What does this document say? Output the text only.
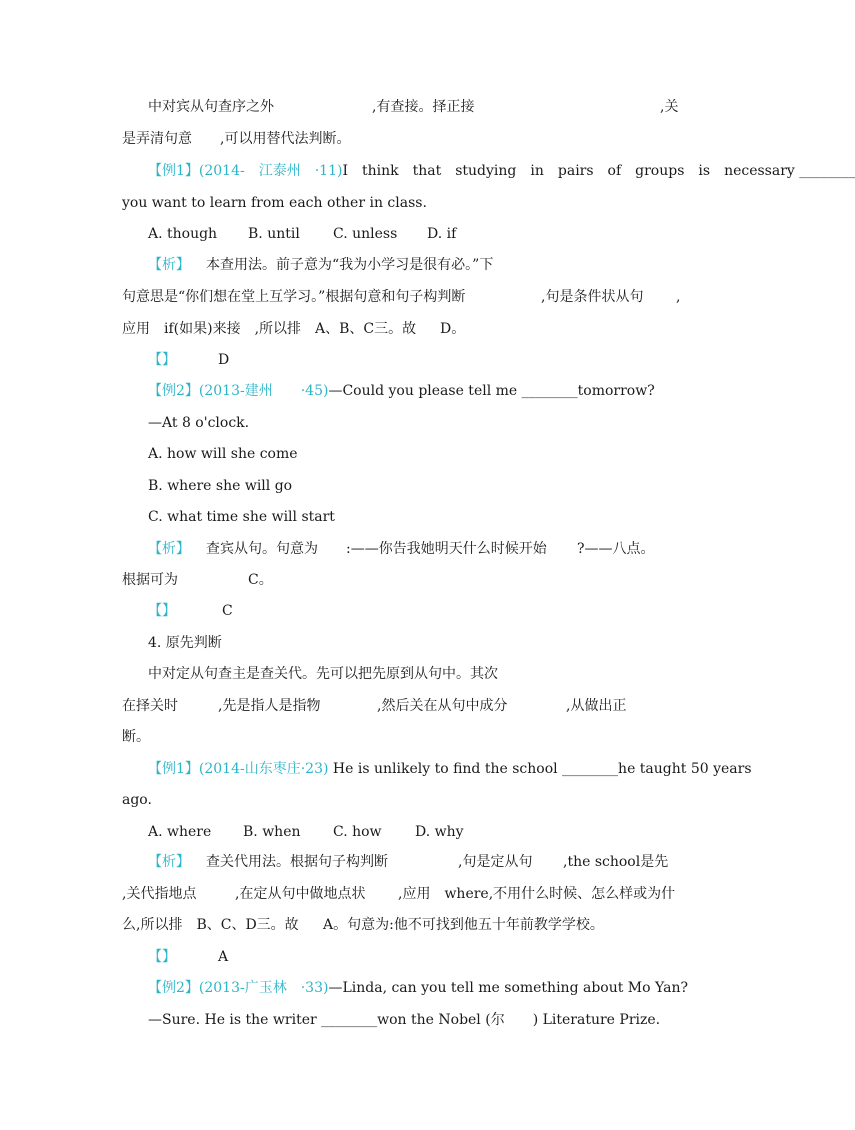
中对宾从句查序之外	,有查接。择正接	,关
是弄清句意　　,可以用替代法判断。
【例1】(2014-　江泰州　·11)I　think　that　studying　in　pairs　of　groups　is　necessary ________
you want to learn from each other in class.
A. though B. until C. unless D. if
【析】 本查用法。前子意为“我为小学习是很有必。”下
句意思是“你们想在堂上互学习。”根据句意和句子构判断	,句是条件状从句 ,
应用　if(如果)来接　,所以排　A、B、C三。故 D。
【】	D
【例2】(2013-建州　　·45)—Could you please tell me ________tomorrow?
—At 8 o'clock.
A. how will she come
B. where she will go
C. what time she will start
【析】 查宾从句。句意为 :——你告我她明天什么时候开始 ?——八点。
根据可为	C。
【】	C
4. 原先判断
中对定从句查主是查关代。先可以把先原到从句中。其次
在择关时	,先是指人是指物	,然后关在从句中成分	,从做出正
断。
【例1】(2014-山东枣庄·23) He is unlikely to find the school ________he taught 50 years
ago.
A. where B. when C. how D. why
【析】 查关代用法。根据句子构判断	,句是定从句 ,the school是先
,关代指地点	,在定从句中做地点状 ,应用　where,不用什么时候、怎么样或为什
么,所以排　B、C、D三。故 A。句意为:他不可找到他五十年前教学学校。
【】	A
【例2】(2013-广玉林　·33)—Linda, can you tell me something about Mo Yan?
—Sure. He is the writer ________won the Nobel (尔　　) Literature Prize.
